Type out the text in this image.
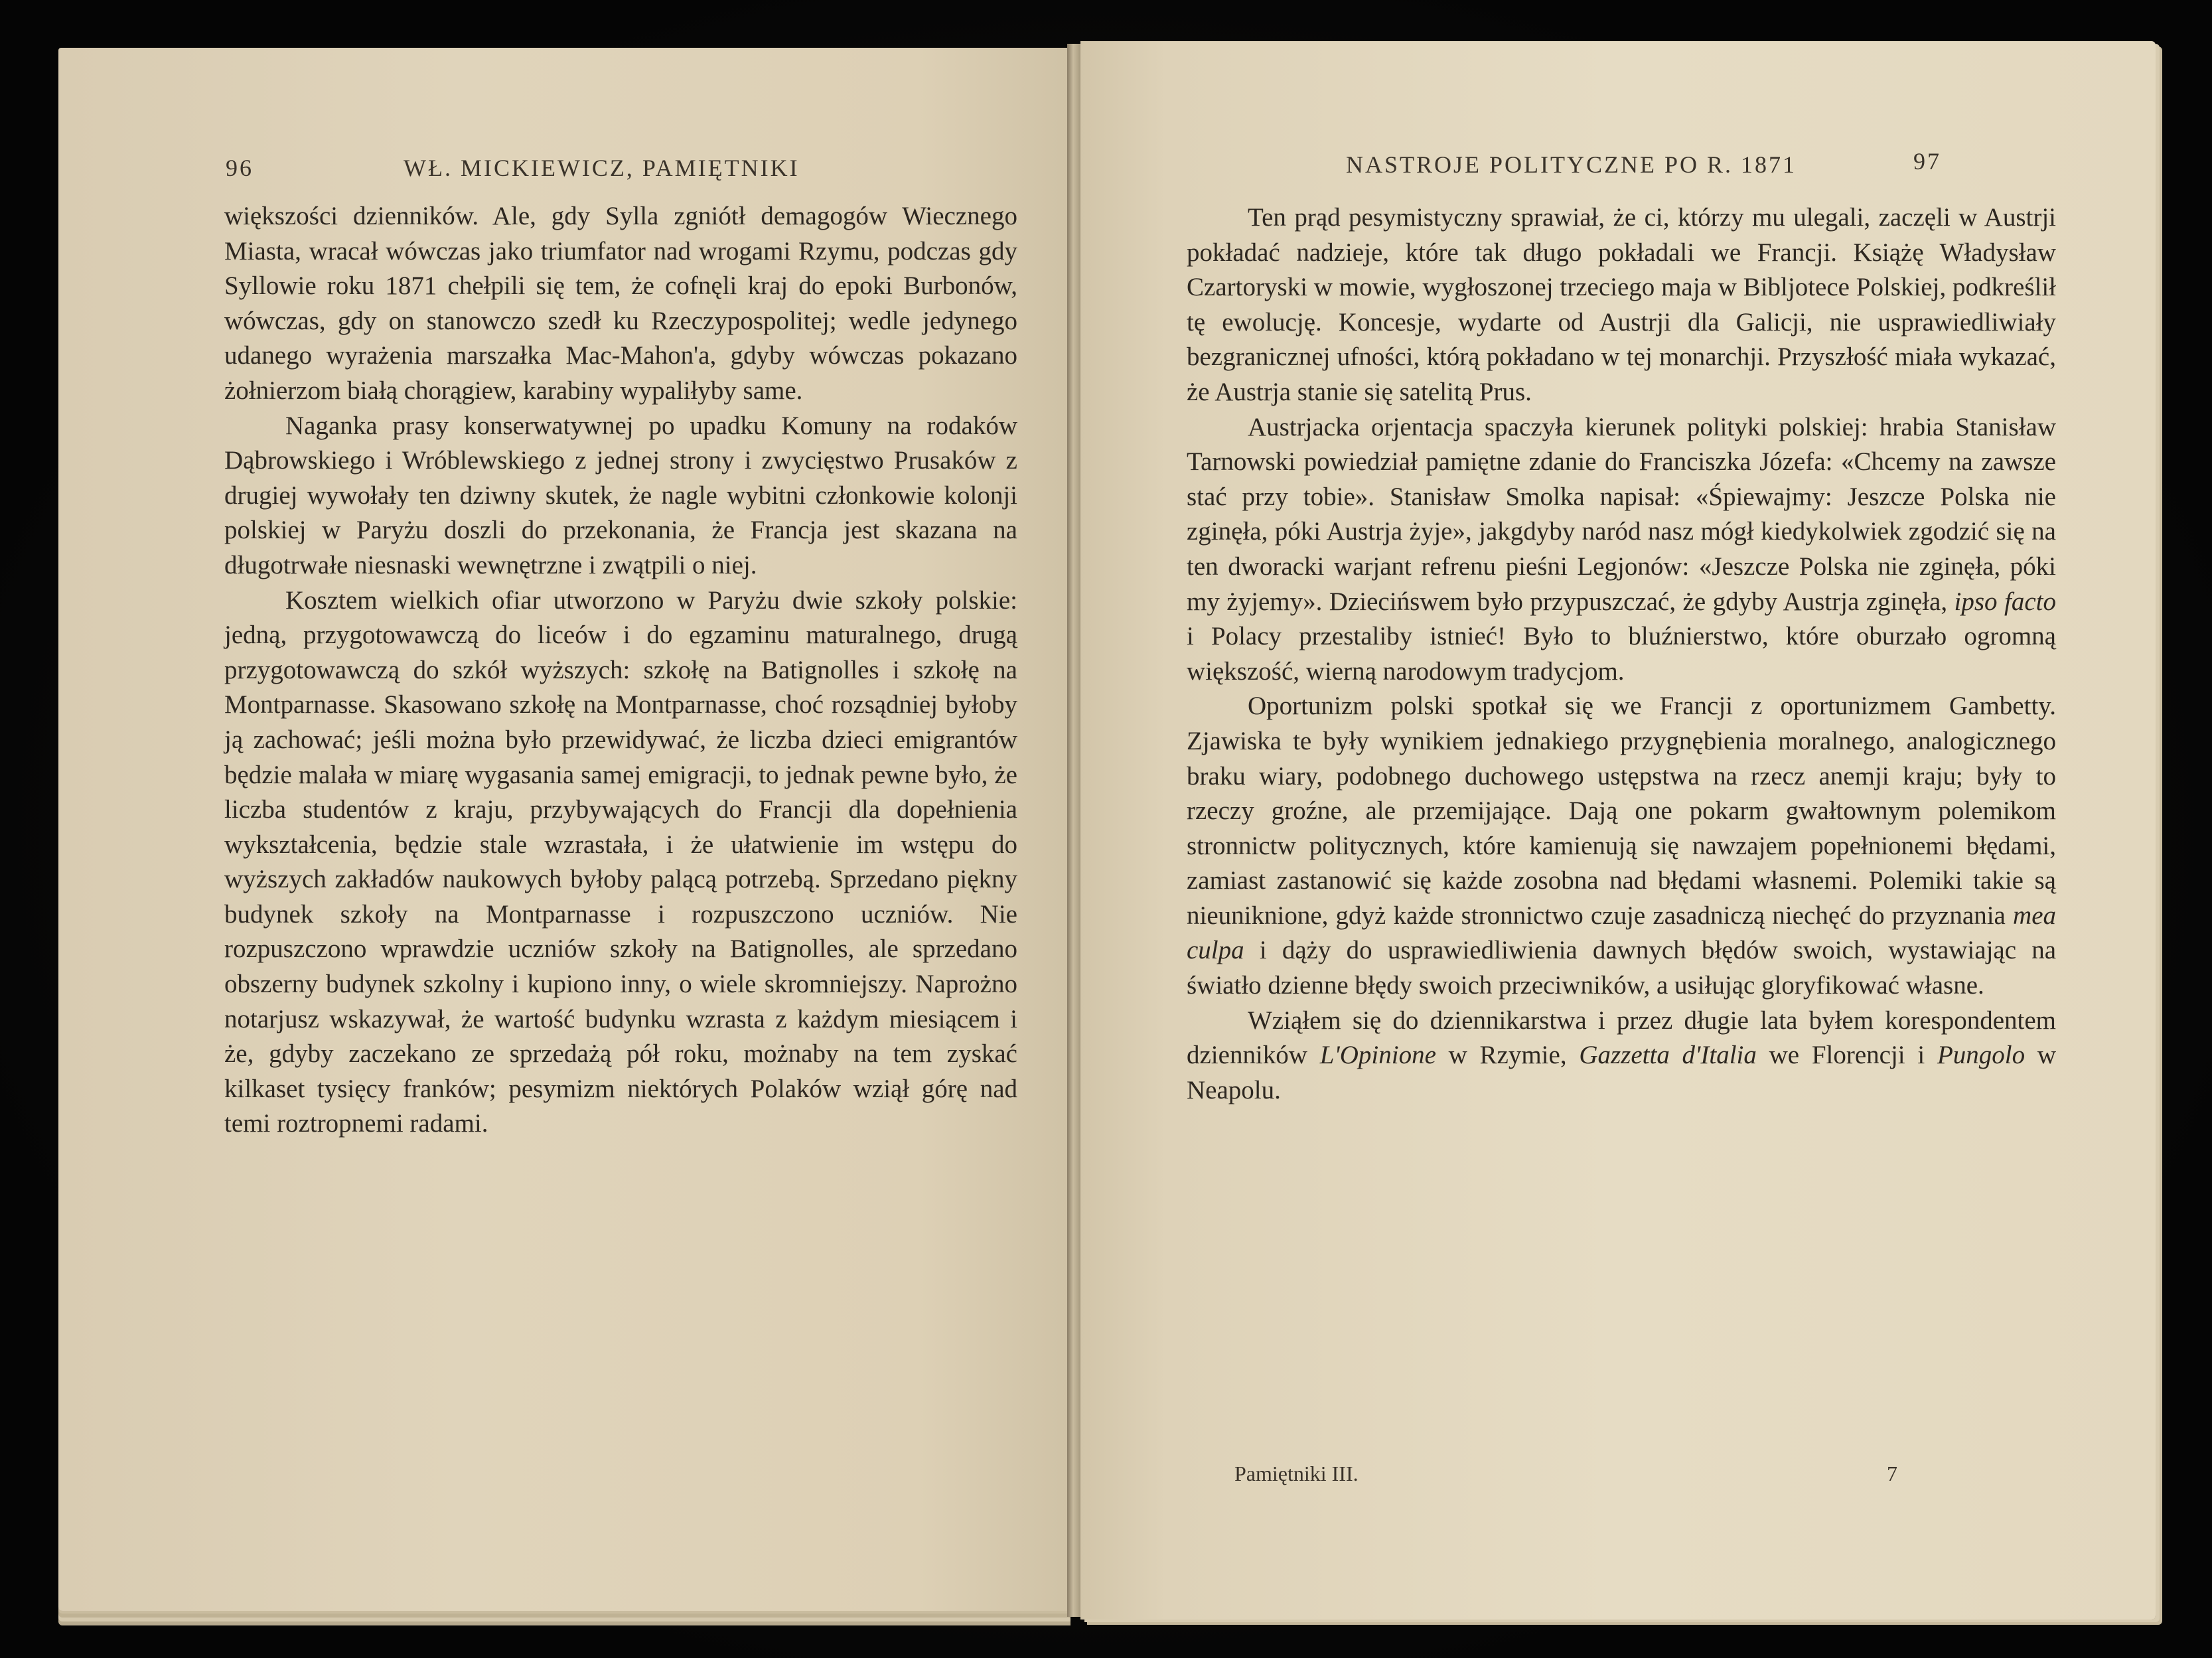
96	WŁ. MICKIEWICZ, PAMIĘTNIKI

większości dzienników. Ale, gdy Sylla zgniótł demagogów Wiecznego Miasta, wracał wówczas jako triumfator nad wrogami Rzymu, podczas gdy Syllowie roku 1871 chełpili się tem, że cofnęli kraj do epoki Burbonów, wówczas, gdy on stanowczo szedł ku Rzeczypospolitej; wedle jedynego udanego wyrażenia marszałka Mac-Mahon'a, gdyby wówczas pokazano żołnierzom białą chorągiew, karabiny wypaliłyby same.

Naganka prasy konserwatywnej po upadku Komuny na rodaków Dąbrowskiego i Wróblewskiego z jednej strony i zwycięstwo Prusaków z drugiej wywołały ten dziwny skutek, że nagle wybitni członkowie kolonji polskiej w Paryżu doszli do przekonania, że Francja jest skazana na długotrwałe niesnaski wewnętrzne i zwątpili o niej.

Kosztem wielkich ofiar utworzono w Paryżu dwie szkoły polskie: jedną, przygotowawczą do liceów i do egzaminu maturalnego, drugą przygotowawczą do szkół wyższych: szkołę na Batignolles i szkołę na Montparnasse. Skasowano szkołę na Montparnasse, choć rozsądniej byłoby ją zachować; jeśli można było przewidywać, że liczba dzieci emigrantów będzie malała w miarę wygasania samej emigracji, to jednak pewne było, że liczba studentów z kraju, przybywających do Francji dla dopełnienia wykształcenia, będzie stale wzrastała, i że ułatwienie im wstępu do wyższych zakładów naukowych byłoby palącą potrzebą. Sprzedano piękny budynek szkoły na Montparnasse i rozpuszczono uczniów. Nie rozpuszczono wprawdzie uczniów szkoły na Batignolles, ale sprzedano obszerny budynek szkolny i kupiono inny, o wiele skromniejszy. Naprożno notarjusz wskazywał, że wartość budynku wzrasta z każdym miesiącem i że, gdyby zaczekano ze sprzedażą pół roku, możnaby na tem zyskać kilkaset tysięcy franków; pesymizm niektórych Polaków wziął górę nad temi roztropnemi radami.

NASTROJE POLITYCZNE PO R. 1871	97

Ten prąd pesymistyczny sprawiał, że ci, którzy mu ulegali, zaczęli w Austrji pokładać nadzieje, które tak długo pokładali we Francji. Książę Władysław Czartoryski w mowie, wygłoszonej trzeciego maja w Bibljotece Polskiej, podkreślił tę ewolucję. Koncesje, wydarte od Austrji dla Galicji, nie usprawiedliwiały bezgranicznej ufności, którą pokładano w tej monarchji. Przyszłość miała wykazać, że Austrja stanie się satelitą Prus.

Austrjacka orjentacja spaczyła kierunek polityki polskiej: hrabia Stanisław Tarnowski powiedział pamiętne zdanie do Franciszka Józefa: «Chcemy na zawsze stać przy tobie». Stanisław Smolka napisał: «Śpiewajmy: Jeszcze Polska nie zginęła, póki Austrja żyje», jakgdyby naród nasz mógł kiedykolwiek zgodzić się na ten dworacki warjant refrenu pieśni Legjonów: «Jeszcze Polska nie zginęła, póki my żyjemy». Dziecińswem było przypuszczać, że gdyby Austrja zginęła, ipso facto i Polacy przestaliby istnieć! Było to bluźnierstwo, które oburzało ogromną większość, wierną narodowym tradycjom.

Oportunizm polski spotkał się we Francji z oportunizmem Gambetty. Zjawiska te były wynikiem jednakiego przygnębienia moralnego, analogicznego braku wiary, podobnego duchowego ustępstwa na rzecz anemji kraju; były to rzeczy groźne, ale przemijające. Dają one pokarm gwałtownym polemikom stronnictw politycznych, które kamienują się nawzajem popełnionemi błędami, zamiast zastanowić się każde zosobna nad błędami własnemi. Polemiki takie są nieuniknione, gdyż każde stronnictwo czuje zasadniczą niechęć do przyznania mea culpa i dąży do usprawiedliwienia dawnych błędów swoich, wystawiając na światło dzienne błędy swoich przeciwników, a usiłując gloryfikować własne.

Wziąłem się do dziennikarstwa i przez długie lata byłem korespondentem dzienników L'Opinione w Rzymie, Gazzetta d'Italia we Florencji i Pungolo w Neapolu.

Pamiętniki III.	7
